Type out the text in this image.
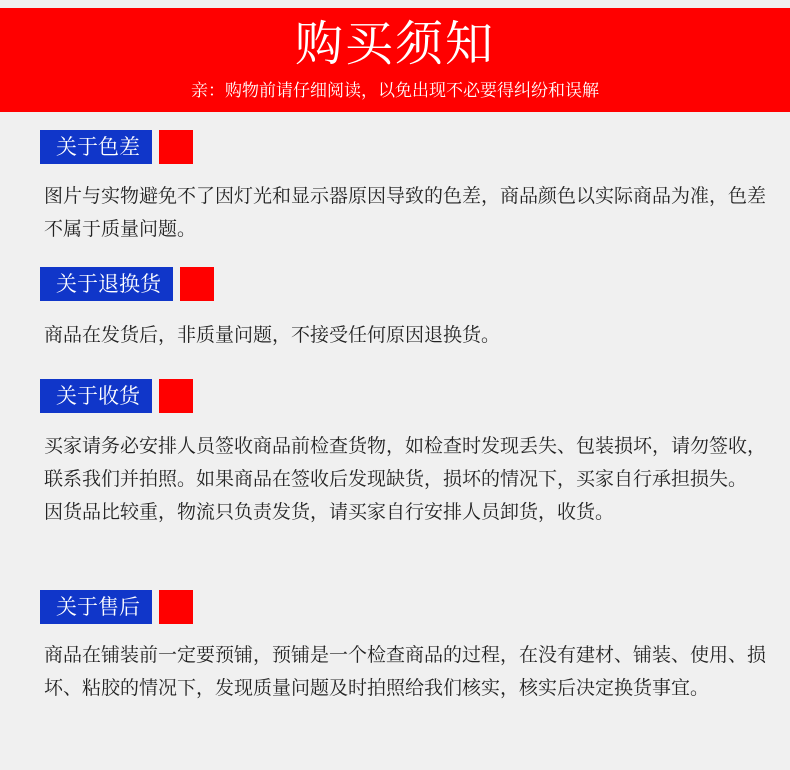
购买须知
亲：购物前请仔细阅读，以免出现不必要得纠纷和误解
关于色差

图片与实物避免不了因灯光和显示器原因导致的色差，商品颜色以实际商品为准，色差不属于质量问题。

关于退换货

商品在发货后，非质量问题，不接受任何原因退换货。

关于收货

买家请务必安排人员签收商品前检查货物，如检查时发现丢失、包装损坏，请勿签收，联系我们并拍照。如果商品在签收后发现缺货，损坏的情况下，买家自行承担损失。

因货品比较重，物流只负责发货，请买家自行安排人员卸货，收货。

关于售后

商品在铺装前一定要预铺，预铺是一个检查商品的过程，在没有建材、铺装、使用、损坏、粘胶的情况下，发现质量问题及时拍照给我们核实，核实后决定换货事宜。
